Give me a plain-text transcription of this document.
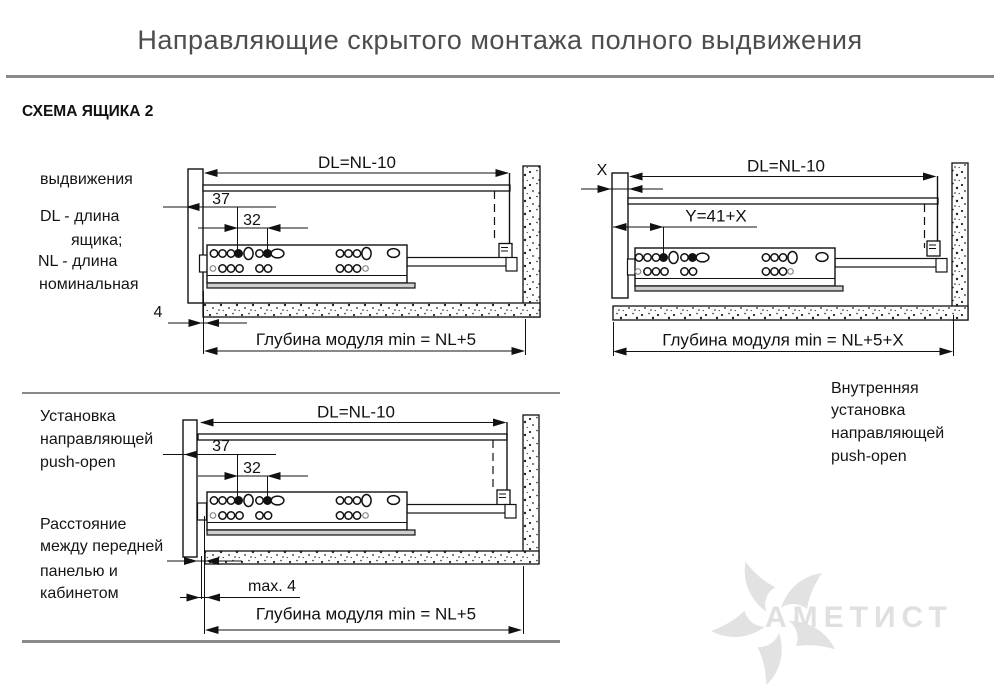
Направляющие скрытого монтажа полного выдвижения
СХЕМА ЯЩИКА 2
АМЕТИСТ
выдвижения
DL - длина
ящика;
NL - длина
номинальная
Установка
направляющей
push-open
Расстояние
между передней
панелью и
кабинетом
Внутренняя
установка
направляющей
push-open
DL=NL-10
37
32
4
Глубина модуля min = NL+5
X	DL=NL-10
Y=41+X
Глубина модуля min = NL+5+X
DL=NL-10
37
32
max. 4
Глубина модуля min = NL+5
